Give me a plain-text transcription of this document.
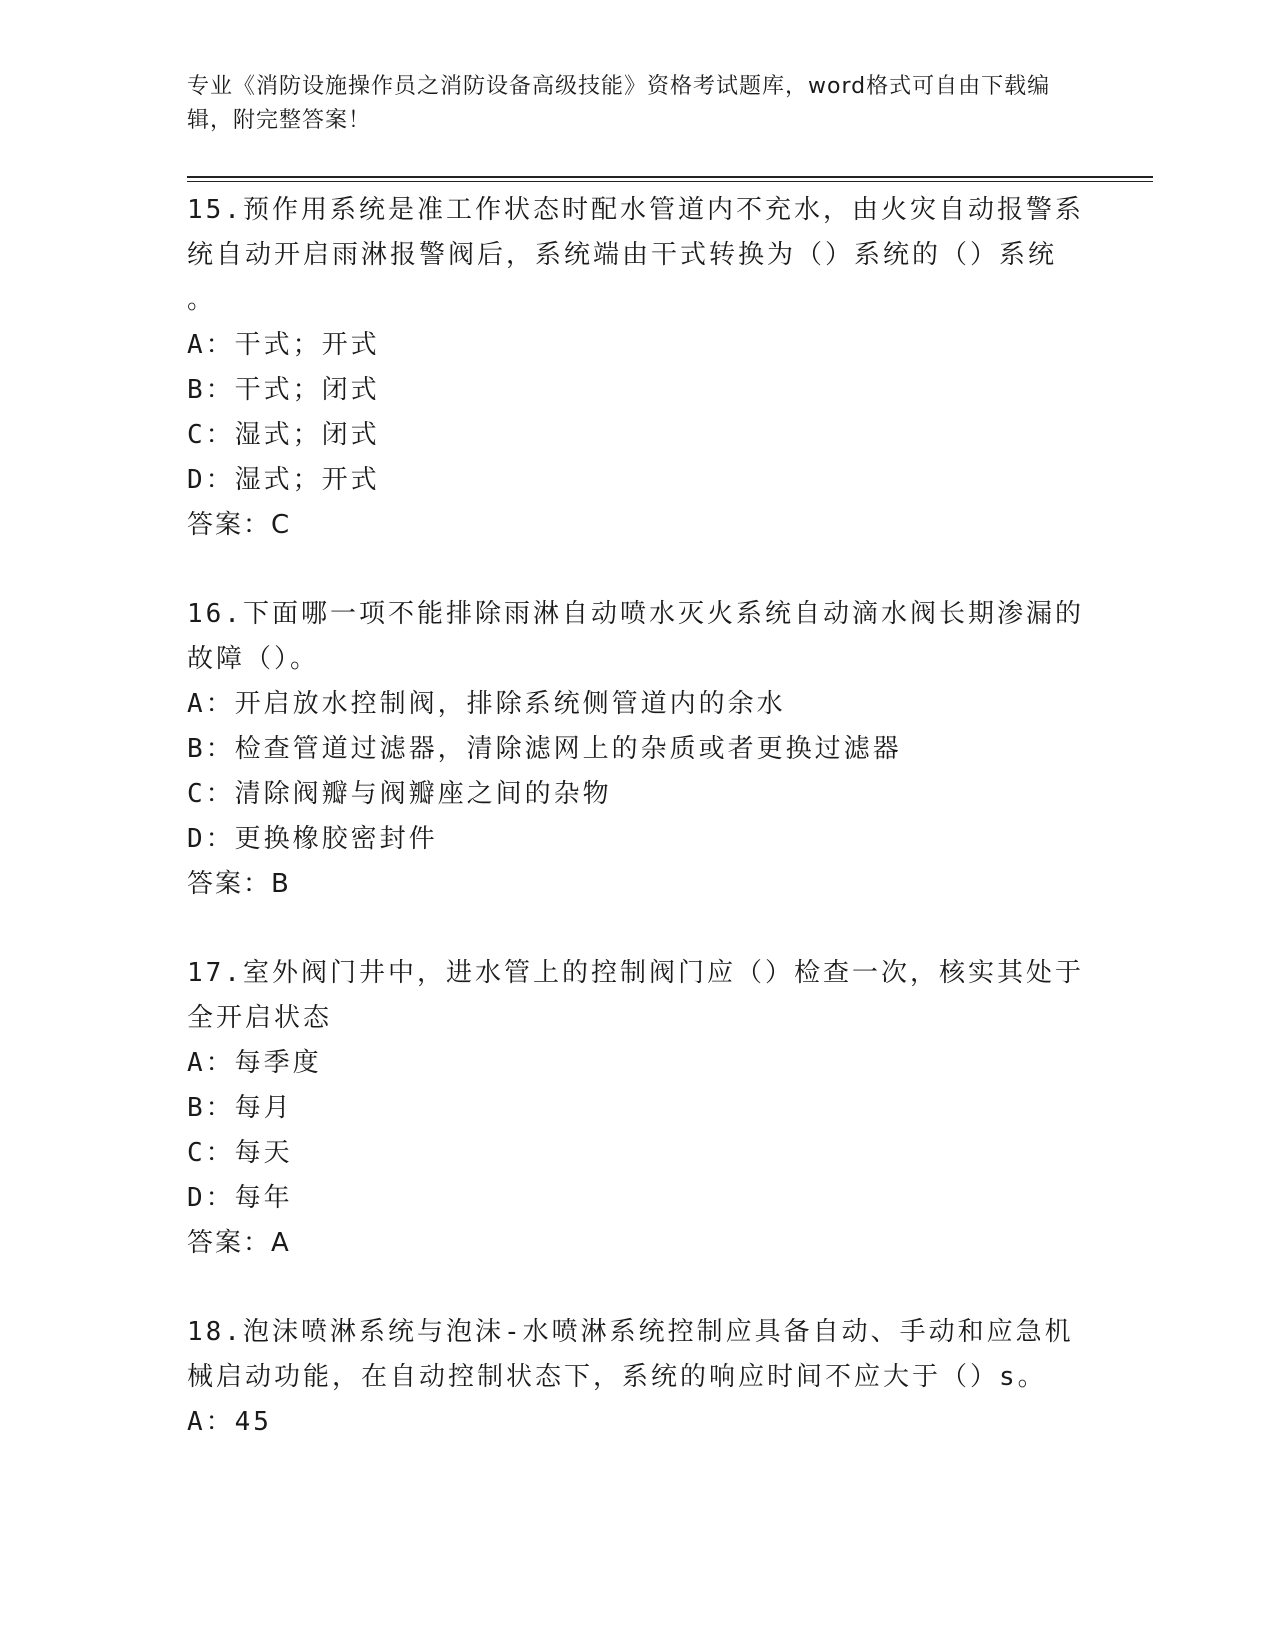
专业《消防设施操作员之消防设备高级技能》资格考试题库，word格式可自由下载编辑，附完整答案！

15.预作用系统是准工作状态时配水管道内不充水，由火灾自动报警系

统自动开启雨淋报警阀后，系统端由干式转换为（）系统的（）系统

。

A：干式；开式

B：干式；闭式

C：湿式；闭式

D：湿式；开式

答案：C

16.下面哪一项不能排除雨淋自动喷水灭火系统自动滴水阀长期渗漏的

故障（）。

A：开启放水控制阀，排除系统侧管道内的余水

B：检查管道过滤器，清除滤网上的杂质或者更换过滤器

C：清除阀瓣与阀瓣座之间的杂物

D：更换橡胶密封件

答案：B

17.室外阀门井中，进水管上的控制阀门应（）检查一次，核实其处于

全开启状态

A：每季度

B：每月

C：每天

D：每年

答案：A

18.泡沫喷淋系统与泡沫-水喷淋系统控制应具备自动、手动和应急机

械启动功能，在自动控制状态下，系统的响应时间不应大于（）s。

A：45
